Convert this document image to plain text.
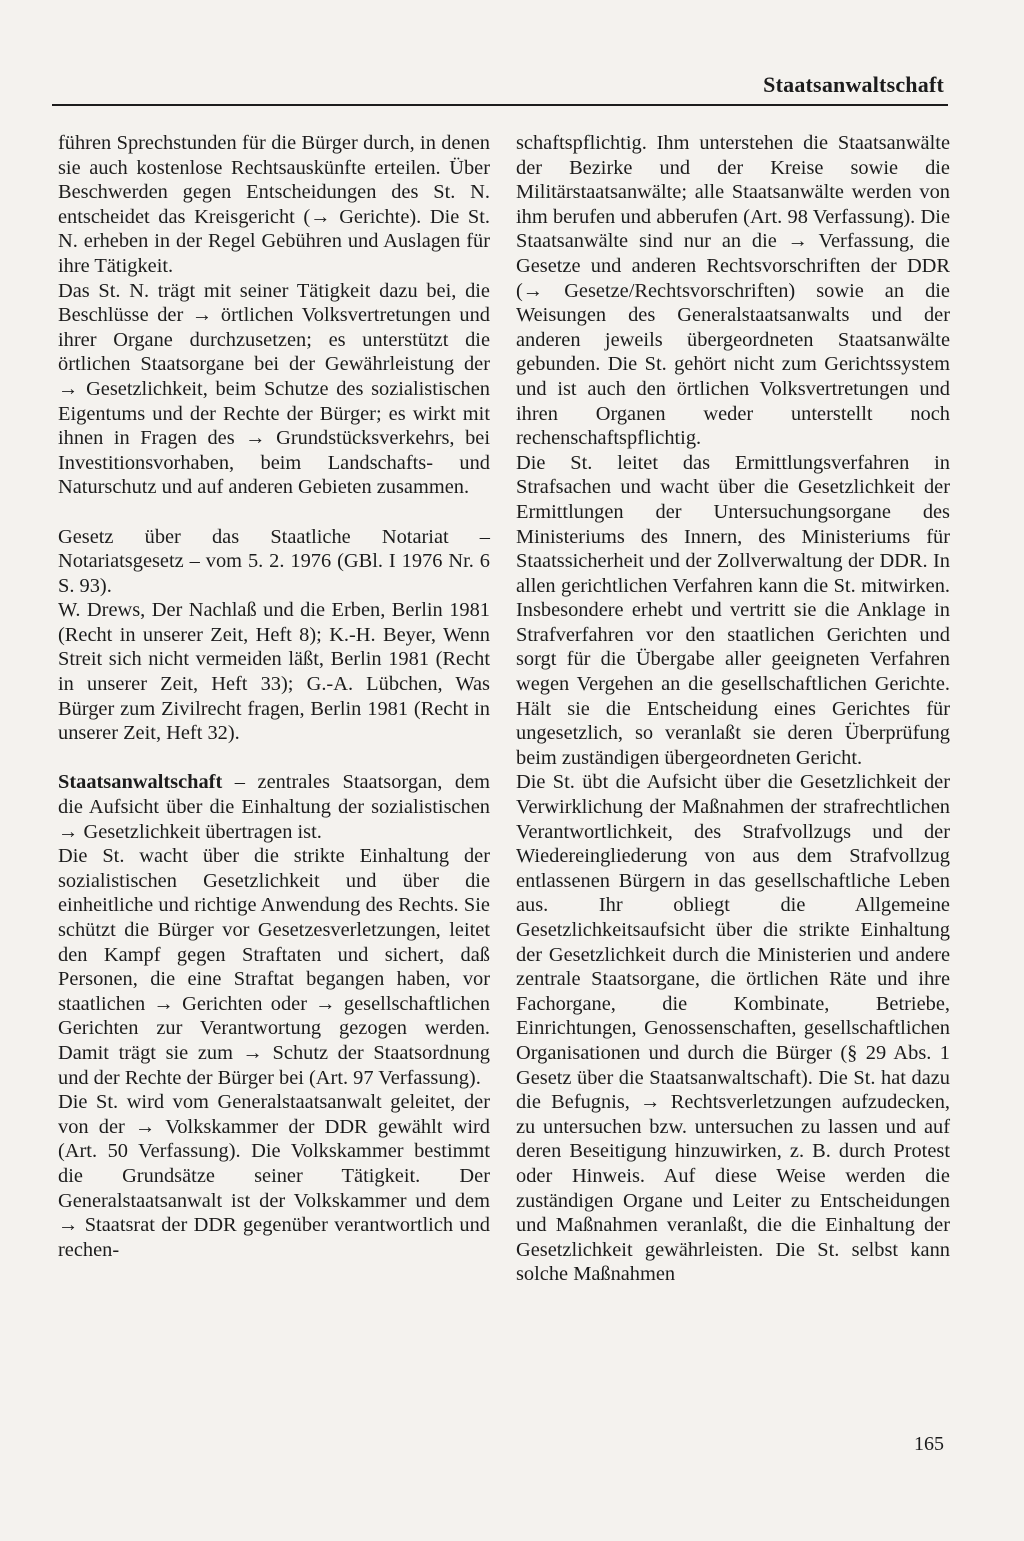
Staatsanwaltschaft

führen Sprechstunden für die Bürger durch, in denen sie auch kostenlose Rechtsauskünfte erteilen. Über Beschwerden gegen Entscheidungen des St. N. entscheidet das Kreisgericht (→ Gerichte). Die St. N. erheben in der Regel Gebühren und Auslagen für ihre Tätigkeit.

Das St. N. trägt mit seiner Tätigkeit dazu bei, die Beschlüsse der → örtlichen Volksvertretungen und ihrer Organe durchzusetzen; es unterstützt die örtlichen Staatsorgane bei der Gewährleistung der → Gesetzlichkeit, beim Schutze des sozialistischen Eigentums und der Rechte der Bürger; es wirkt mit ihnen in Fragen des → Grundstücksverkehrs, bei Investitionsvorhaben, beim Landschafts- und Naturschutz und auf anderen Gebieten zusammen.

Gesetz über das Staatliche Notariat – Notariatsgesetz – vom 5. 2. 1976 (GBl. I 1976 Nr. 6 S. 93).

W. Drews, Der Nachlaß und die Erben, Berlin 1981 (Recht in unserer Zeit, Heft 8); K.-H. Beyer, Wenn Streit sich nicht vermeiden läßt, Berlin 1981 (Recht in unserer Zeit, Heft 33); G.-A. Lübchen, Was Bürger zum Zivilrecht fragen, Berlin 1981 (Recht in unserer Zeit, Heft 32).

Staatsanwaltschaft – zentrales Staatsorgan, dem die Aufsicht über die Einhaltung der sozialistischen → Gesetzlichkeit übertragen ist.

Die St. wacht über die strikte Einhaltung der sozialistischen Gesetzlichkeit und über die einheitliche und richtige Anwendung des Rechts. Sie schützt die Bürger vor Gesetzesverletzungen, leitet den Kampf gegen Straftaten und sichert, daß Personen, die eine Straftat begangen haben, vor staatlichen → Gerichten oder → gesellschaftlichen Gerichten zur Verantwortung gezogen werden. Damit trägt sie zum → Schutz der Staatsordnung und der Rechte der Bürger bei (Art. 97 Verfassung).

Die St. wird vom Generalstaatsanwalt geleitet, der von der → Volkskammer der DDR gewählt wird (Art. 50 Verfassung). Die Volkskammer bestimmt die Grundsätze seiner Tätigkeit. Der Generalstaatsanwalt ist der Volkskammer und dem → Staatsrat der DDR gegenüber verantwortlich und rechen-

schaftspflichtig. Ihm unterstehen die Staatsanwälte der Bezirke und der Kreise sowie die Militärstaatsanwälte; alle Staatsanwälte werden von ihm berufen und abberufen (Art. 98 Verfassung). Die Staatsanwälte sind nur an die → Verfassung, die Gesetze und anderen Rechtsvorschriften der DDR (→ Gesetze/Rechtsvorschriften) sowie an die Weisungen des Generalstaatsanwalts und der anderen jeweils übergeordneten Staatsanwälte gebunden. Die St. gehört nicht zum Gerichtssystem und ist auch den örtlichen Volksvertretungen und ihren Organen weder unterstellt noch rechenschaftspflichtig.

Die St. leitet das Ermittlungsverfahren in Strafsachen und wacht über die Gesetzlichkeit der Ermittlungen der Untersuchungsorgane des Ministeriums des Innern, des Ministeriums für Staatssicherheit und der Zollverwaltung der DDR. In allen gerichtlichen Verfahren kann die St. mitwirken. Insbesondere erhebt und vertritt sie die Anklage in Strafverfahren vor den staatlichen Gerichten und sorgt für die Übergabe aller geeigneten Verfahren wegen Vergehen an die gesellschaftlichen Gerichte. Hält sie die Entscheidung eines Gerichtes für ungesetzlich, so veranlaßt sie deren Überprüfung beim zuständigen übergeordneten Gericht.

Die St. übt die Aufsicht über die Gesetzlichkeit der Verwirklichung der Maßnahmen der strafrechtlichen Verantwortlichkeit, des Strafvollzugs und der Wiedereingliederung von aus dem Strafvollzug entlassenen Bürgern in das gesellschaftliche Leben aus. Ihr obliegt die Allgemeine Gesetzlichkeitsaufsicht über die strikte Einhaltung der Gesetzlichkeit durch die Ministerien und andere zentrale Staatsorgane, die örtlichen Räte und ihre Fachorgane, die Kombinate, Betriebe, Einrichtungen, Genossenschaften, gesellschaftlichen Organisationen und durch die Bürger (§ 29 Abs. 1 Gesetz über die Staatsanwaltschaft). Die St. hat dazu die Befugnis, → Rechtsverletzungen aufzudecken, zu untersuchen bzw. untersuchen zu lassen und auf deren Beseitigung hinzuwirken, z. B. durch Protest oder Hinweis. Auf diese Weise werden die zuständigen Organe und Leiter zu Entscheidungen und Maßnahmen veranlaßt, die die Einhaltung der Gesetzlichkeit gewährleisten. Die St. selbst kann solche Maßnahmen

165
